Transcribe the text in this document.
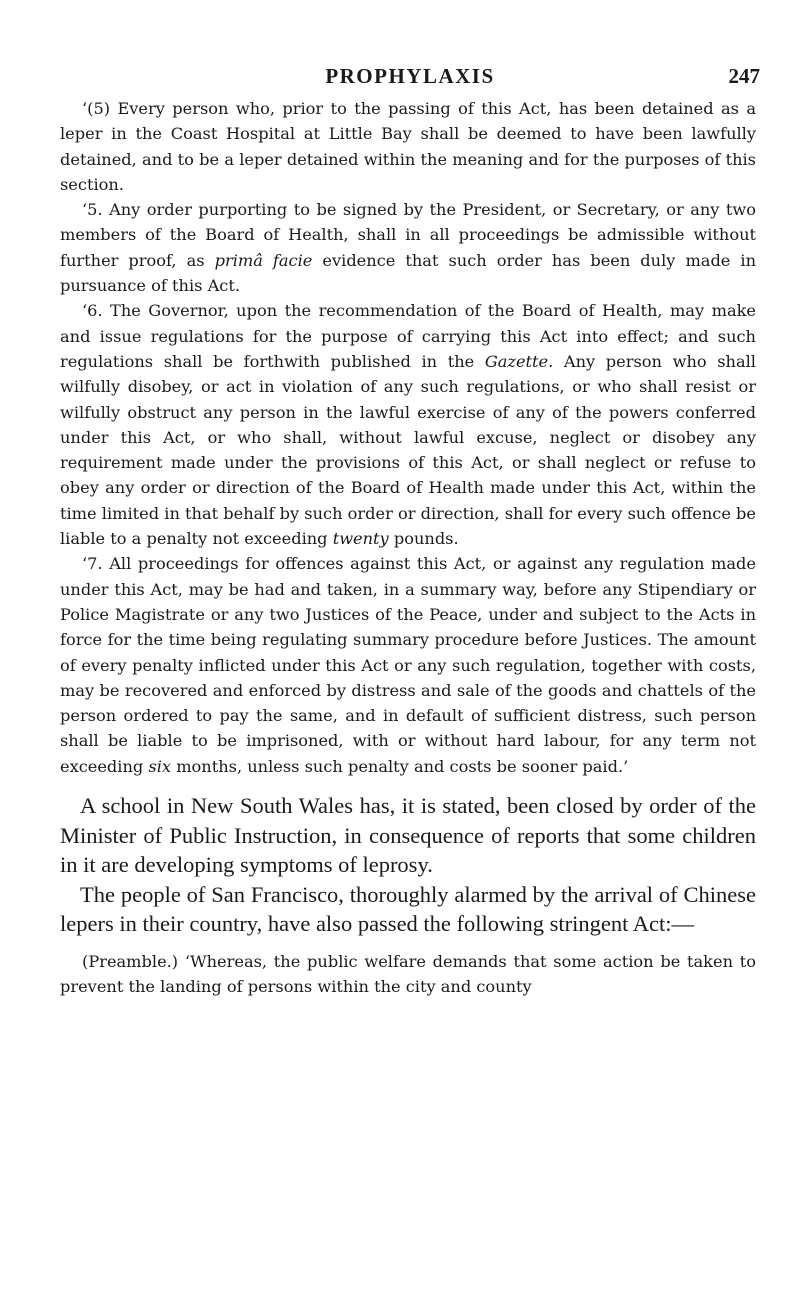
PROPHYLAXIS	247

‘(5) Every person who, prior to the passing of this Act, has been detained as a leper in the Coast Hospital at Little Bay shall be deemed to have been lawfully detained, and to be a leper detained within the meaning and for the purposes of this section.

‘5. Any order purporting to be signed by the President, or Secretary, or any two members of the Board of Health, shall in all proceedings be admissible without further proof, as primâ facie evidence that such order has been duly made in pursuance of this Act.

‘6. The Governor, upon the recommendation of the Board of Health, may make and issue regulations for the purpose of carrying this Act into effect; and such regulations shall be forthwith published in the Gazette. Any person who shall wilfully disobey, or act in violation of any such regulations, or who shall resist or wilfully obstruct any person in the lawful exercise of any of the powers conferred under this Act, or who shall, without lawful excuse, neglect or disobey any requirement made under the provisions of this Act, or shall neglect or refuse to obey any order or direction of the Board of Health made under this Act, within the time limited in that behalf by such order or direction, shall for every such offence be liable to a penalty not exceeding twenty pounds.

‘7. All proceedings for offences against this Act, or against any regulation made under this Act, may be had and taken, in a summary way, before any Stipendiary or Police Magistrate or any two Justices of the Peace, under and subject to the Acts in force for the time being regulating summary procedure before Justices. The amount of every penalty inflicted under this Act or any such regulation, together with costs, may be recovered and enforced by distress and sale of the goods and chattels of the person ordered to pay the same, and in default of sufficient distress, such person shall be liable to be imprisoned, with or without hard labour, for any term not exceeding six months, unless such penalty and costs be sooner paid.’

A school in New South Wales has, it is stated, been closed by order of the Minister of Public Instruction, in consequence of reports that some children in it are developing symptoms of leprosy.

The people of San Francisco, thoroughly alarmed by the arrival of Chinese lepers in their country, have also passed the following stringent Act:—

(Preamble.) ‘Whereas, the public welfare demands that some action be taken to prevent the landing of persons within the city and county
